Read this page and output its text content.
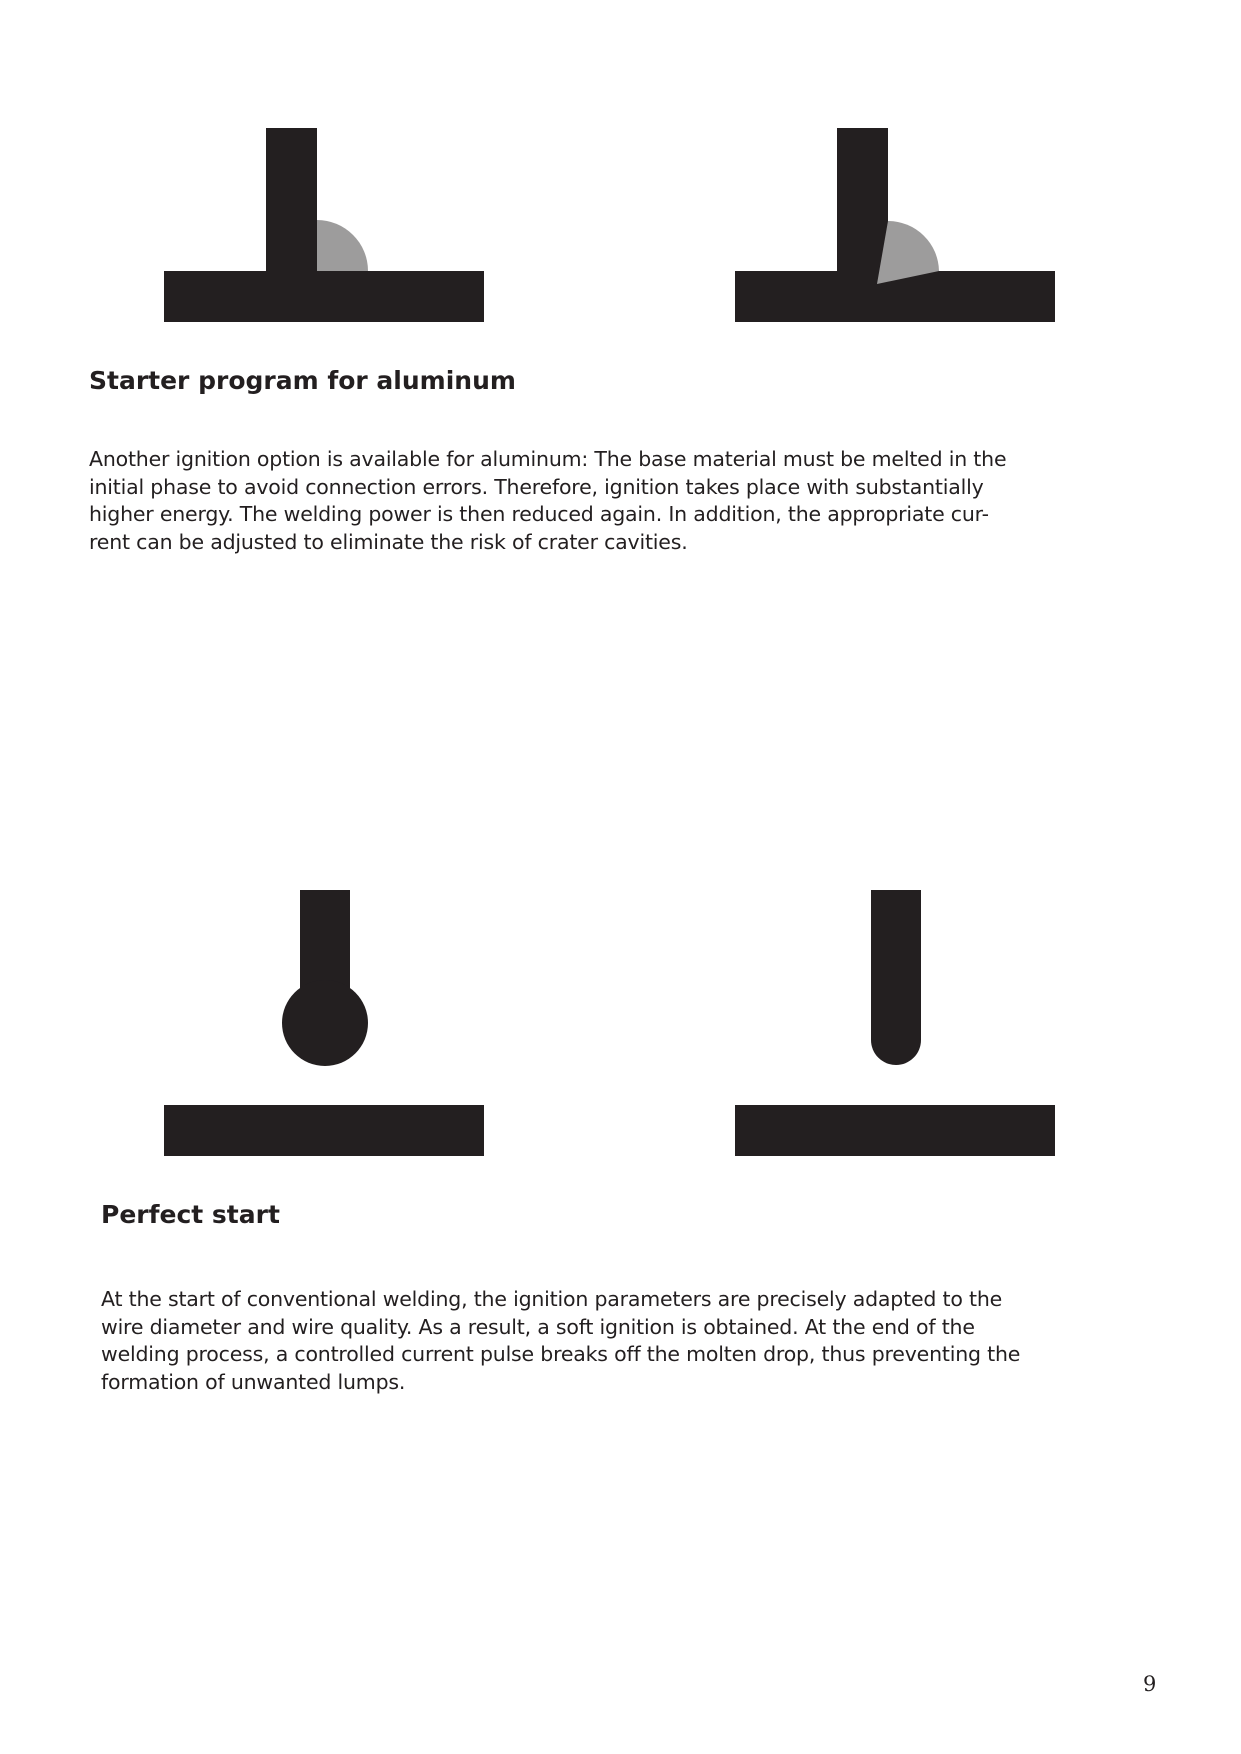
Starter program for aluminum
Another ignition option is available for aluminum: The base material must be melted in the
initial phase to avoid connection errors. Therefore, ignition takes place with substantially
higher energy. The welding power is then reduced again. In addition, the appropriate cur-
rent can be adjusted to eliminate the risk of crater cavities.
Perfect start
At the start of conventional welding, the ignition parameters are precisely adapted to the
wire diameter and wire quality. As a result, a soft ignition is obtained. At the end of the
welding process, a controlled current pulse breaks off the molten drop, thus preventing the
formation of unwanted lumps.
9
